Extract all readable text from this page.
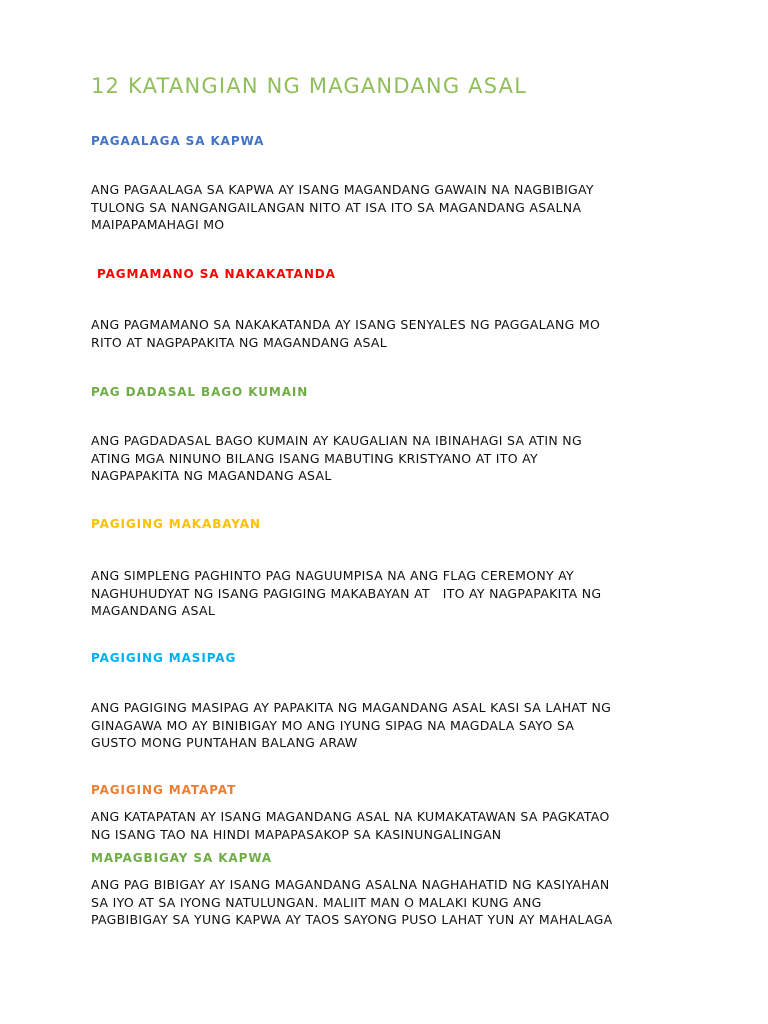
12 KATANGIAN NG MAGANDANG ASAL
PAGAALAGA SA KAPWA
ANG PAGAALAGA SA KAPWA AY ISANG MAGANDANG GAWAIN NA NAGBIBIGAY
TULONG SA NANGANGAILANGAN NITO AT ISA ITO SA MAGANDANG ASALNA
MAIPAPAMAHAGI MO
PAGMAMANO SA NAKAKATANDA
ANG PAGMAMANO SA NAKAKATANDA AY ISANG SENYALES NG PAGGALANG MO
RITO AT NAGPAPAKITA NG MAGANDANG ASAL
PAG DADASAL BAGO KUMAIN
ANG PAGDADASAL BAGO KUMAIN AY KAUGALIAN NA IBINAHAGI SA ATIN NG
ATING MGA NINUNO BILANG ISANG MABUTING KRISTYANO AT ITO AY
NAGPAPAKITA NG MAGANDANG ASAL
PAGIGING MAKABAYAN
ANG SIMPLENG PAGHINTO PAG NAGUUMPISA NA ANG FLAG CEREMONY AY
NAGHUHUDYAT NG ISANG PAGIGING MAKABAYAN AT   ITO AY NAGPAPAKITA NG
MAGANDANG ASAL
PAGIGING MASIPAG
ANG PAGIGING MASIPAG AY PAPAKITA NG MAGANDANG ASAL KASI SA LAHAT NG
GINAGAWA MO AY BINIBIGAY MO ANG IYUNG SIPAG NA MAGDALA SAYO SA
GUSTO MONG PUNTAHAN BALANG ARAW
PAGIGING MATAPAT
ANG KATAPATAN AY ISANG MAGANDANG ASAL NA KUMAKATAWAN SA PAGKATAO
NG ISANG TAO NA HINDI MAPAPASAKOP SA KASINUNGALINGAN
MAPAGBIGAY SA KAPWA
ANG PAG BIBIGAY AY ISANG MAGANDANG ASALNA NAGHAHATID NG KASIYAHAN
SA IYO AT SA IYONG NATULUNGAN. MALIIT MAN O MALAKI KUNG ANG
PAGBIBIGAY SA YUNG KAPWA AY TAOS SAYONG PUSO LAHAT YUN AY MAHALAGA
